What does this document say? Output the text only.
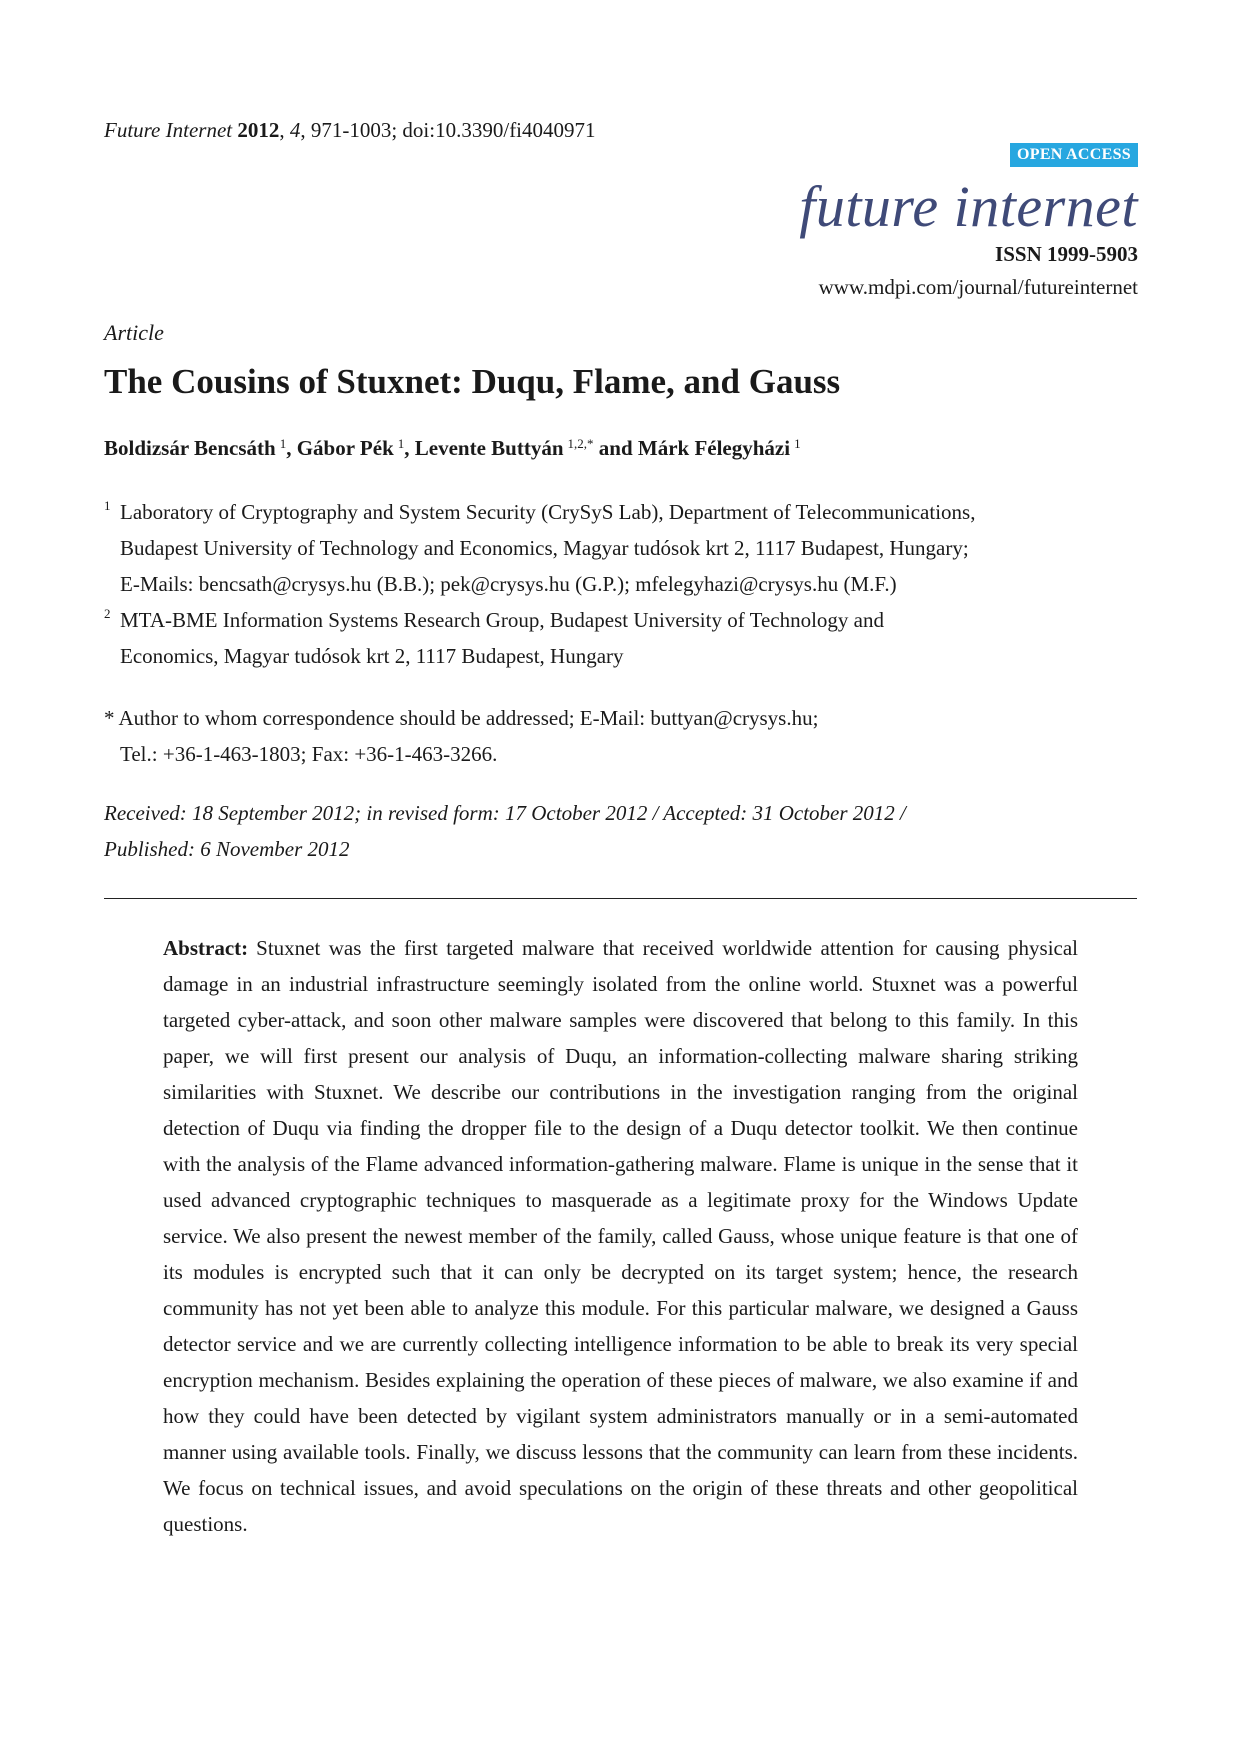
Future Internet 2012, 4, 971-1003; doi:10.3390/fi4040971
OPEN ACCESS
future internet
ISSN 1999-5903
www.mdpi.com/journal/futureinternet
Article
The Cousins of Stuxnet: Duqu, Flame, and Gauss
Boldizsár Bencsáth $^1$, Gábor Pék $^1$, Levente Buttyán $^{1,2,*}$ and Márk Félegyházi $^1$
1 Laboratory of Cryptography and System Security (CrySyS Lab), Department of Telecommunications,
Budapest University of Technology and Economics, Magyar tudósok krt 2, 1117 Budapest, Hungary;
E-Mails: bencsath@crysys.hu (B.B.); pek@crysys.hu (G.P.); mfelegyhazi@crysys.hu (M.F.)
2 MTA-BME Information Systems Research Group, Budapest University of Technology and
Economics, Magyar tudósok krt 2, 1117 Budapest, Hungary
* Author to whom correspondence should be addressed; E-Mail: buttyan@crysys.hu;
Tel.: +36-1-463-1803; Fax: +36-1-463-3266.
Received: 18 September 2012; in revised form: 17 October 2012 / Accepted: 31 October 2012 /
Published: 6 November 2012

Abstract: Stuxnet was the first targeted malware that received worldwide attention for causing physical damage in an industrial infrastructure seemingly isolated from the online world. Stuxnet was a powerful targeted cyber-attack, and soon other malware samples were discovered that belong to this family. In this paper, we will first present our analysis of Duqu, an information-collecting malware sharing striking similarities with Stuxnet. We describe our contributions in the investigation ranging from the original detection of Duqu via finding the dropper file to the design of a Duqu detector toolkit. We then continue with the analysis of the Flame advanced information-gathering malware. Flame is unique in the sense that it used advanced cryptographic techniques to masquerade as a legitimate proxy for the Windows Update service. We also present the newest member of the family, called Gauss, whose unique feature is that one of its modules is encrypted such that it can only be decrypted on its target system; hence, the research community has not yet been able to analyze this module. For this particular malware, we designed a Gauss detector service and we are currently collecting intelligence information to be able to break its very special encryption mechanism. Besides explaining the operation of these pieces of malware, we also examine if and how they could have been detected by vigilant system administrators manually or in a semi-automated manner using available tools. Finally, we discuss lessons that the community can learn from these incidents. We focus on technical issues, and avoid speculations on the origin of these threats and other geopolitical questions.
